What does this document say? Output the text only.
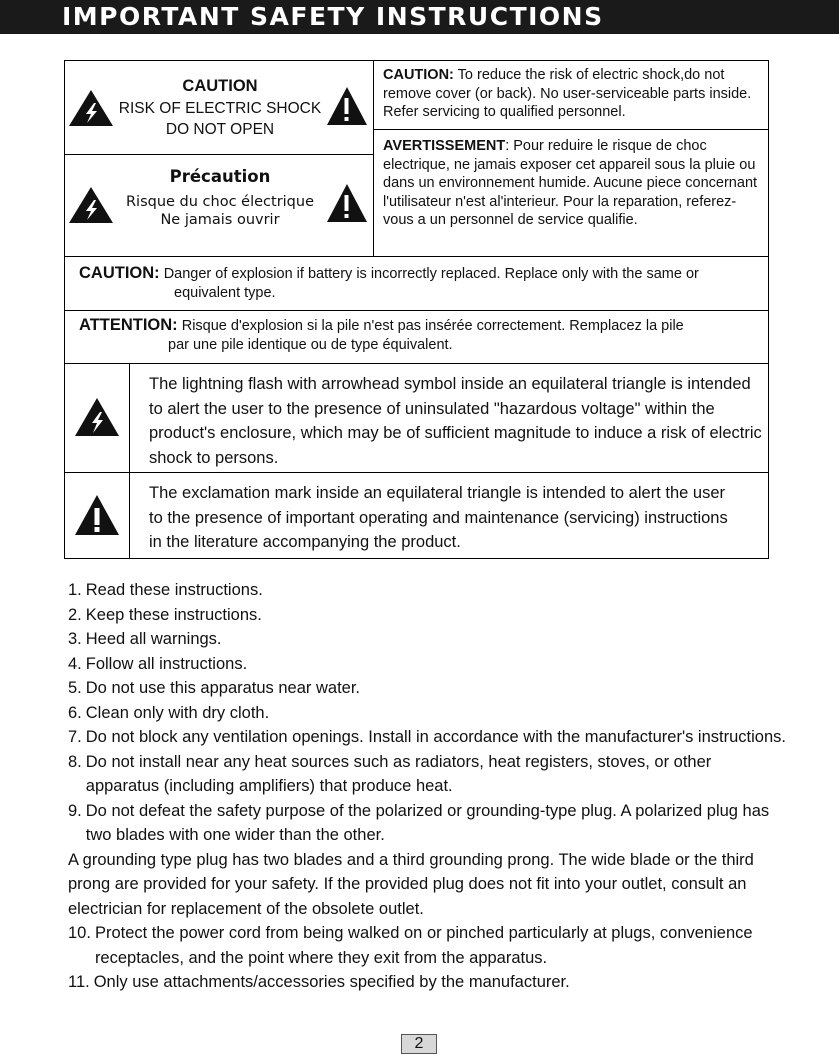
IMPORTANT SAFETY INSTRUCTIONS
CAUTION
RISK OF ELECTRIC SHOCK
DO NOT OPEN
Précaution
Risque du choc électrique
Ne jamais ouvrir
CAUTION: To reduce the risk of electric shock,do not remove cover (or back). No user-serviceable parts inside. Refer servicing to qualified personnel.
AVERTISSEMENT: Pour reduire le risque de choc electrique, ne jamais exposer cet appareil sous la pluie ou dans un environnement humide. Aucune piece concernant l'utilisateur n'est al'interieur. Pour la reparation, referez-vous a un personnel de service qualifie.
CAUTION: Danger of explosion if battery is incorrectly replaced. Replace only with the same or
equivalent type.
ATTENTION: Risque d'explosion si la pile n'est pas insérée correctement. Remplacez la pile
par une pile identique ou de type équivalent.
The lightning flash with arrowhead symbol inside an equilateral triangle is intended to alert the user to the presence of uninsulated "hazardous voltage" within the product's enclosure, which may be of sufficient magnitude to induce a risk of electric shock to persons.
The exclamation mark inside an equilateral triangle is intended to alert the user to the presence of important operating and maintenance (servicing) instructions in the literature accompanying the product.
1. Read these instructions.
2. Keep these instructions.
3. Heed all warnings.
4. Follow all instructions.
5. Do not use this apparatus near water.
6. Clean only with dry cloth.
7. Do not block any ventilation openings. Install in accordance with the manufacturer's instructions.
8. Do not install near any heat sources such as radiators, heat registers, stoves, or other apparatus (including amplifiers) that produce heat.
9. Do not defeat the safety purpose of the polarized or grounding-type plug. A polarized plug has two blades with one wider than the other.
A grounding type plug has two blades and a third grounding prong. The wide blade or the third prong are provided for your safety. If the provided plug does not fit into your outlet, consult an electrician for replacement of the obsolete outlet.
10. Protect the power cord from being walked on or pinched particularly at plugs, convenience receptacles, and the point where they exit from the apparatus.
11. Only use attachments/accessories specified by the manufacturer.
2
